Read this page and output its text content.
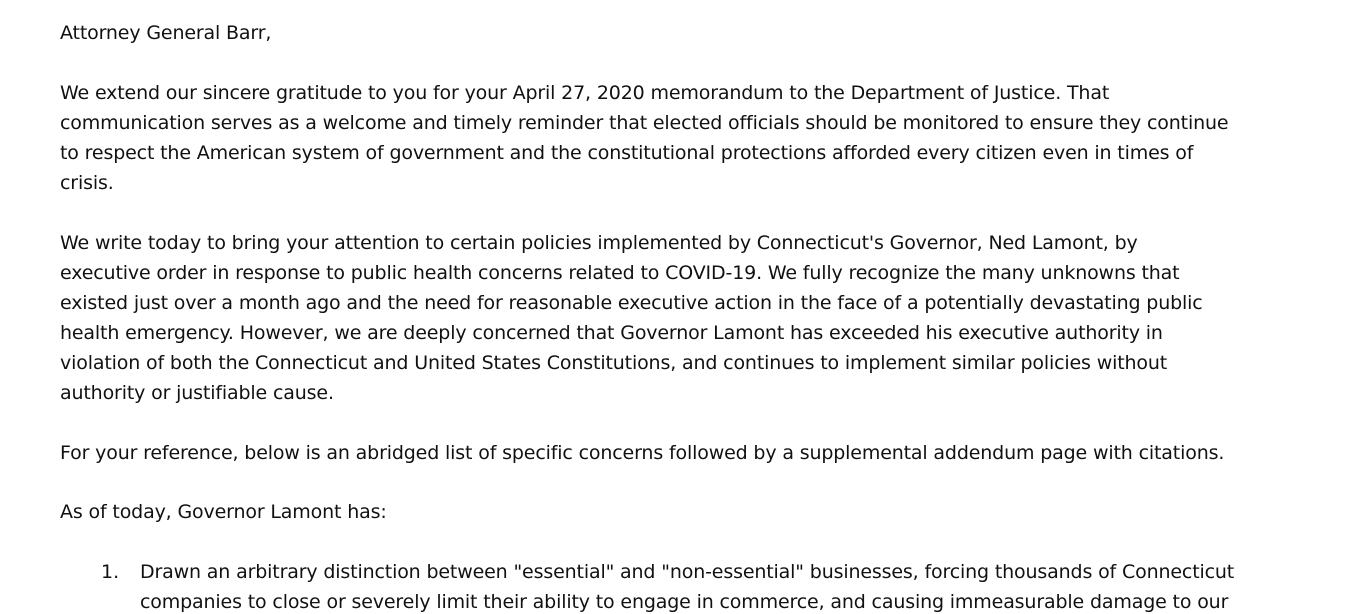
Attorney General Barr,
We extend our sincere gratitude to you for your April 27, 2020 memorandum to the Department of Justice. That
communication serves as a welcome and timely reminder that elected officials should be monitored to ensure they continue
to respect the American system of government and the constitutional protections afforded every citizen even in times of
crisis.
We write today to bring your attention to certain policies implemented by Connecticut's Governor, Ned Lamont, by
executive order in response to public health concerns related to COVID-19. We fully recognize the many unknowns that
existed just over a month ago and the need for reasonable executive action in the face of a potentially devastating public
health emergency. However, we are deeply concerned that Governor Lamont has exceeded his executive authority in
violation of both the Connecticut and United States Constitutions, and continues to implement similar policies without
authority or justifiable cause.
For your reference, below is an abridged list of specific concerns followed by a supplemental addendum page with citations.
As of today, Governor Lamont has:
1. Drawn an arbitrary distinction between "essential" and "non-essential" businesses, forcing thousands of Connecticut
companies to close or severely limit their ability to engage in commerce, and causing immeasurable damage to our
